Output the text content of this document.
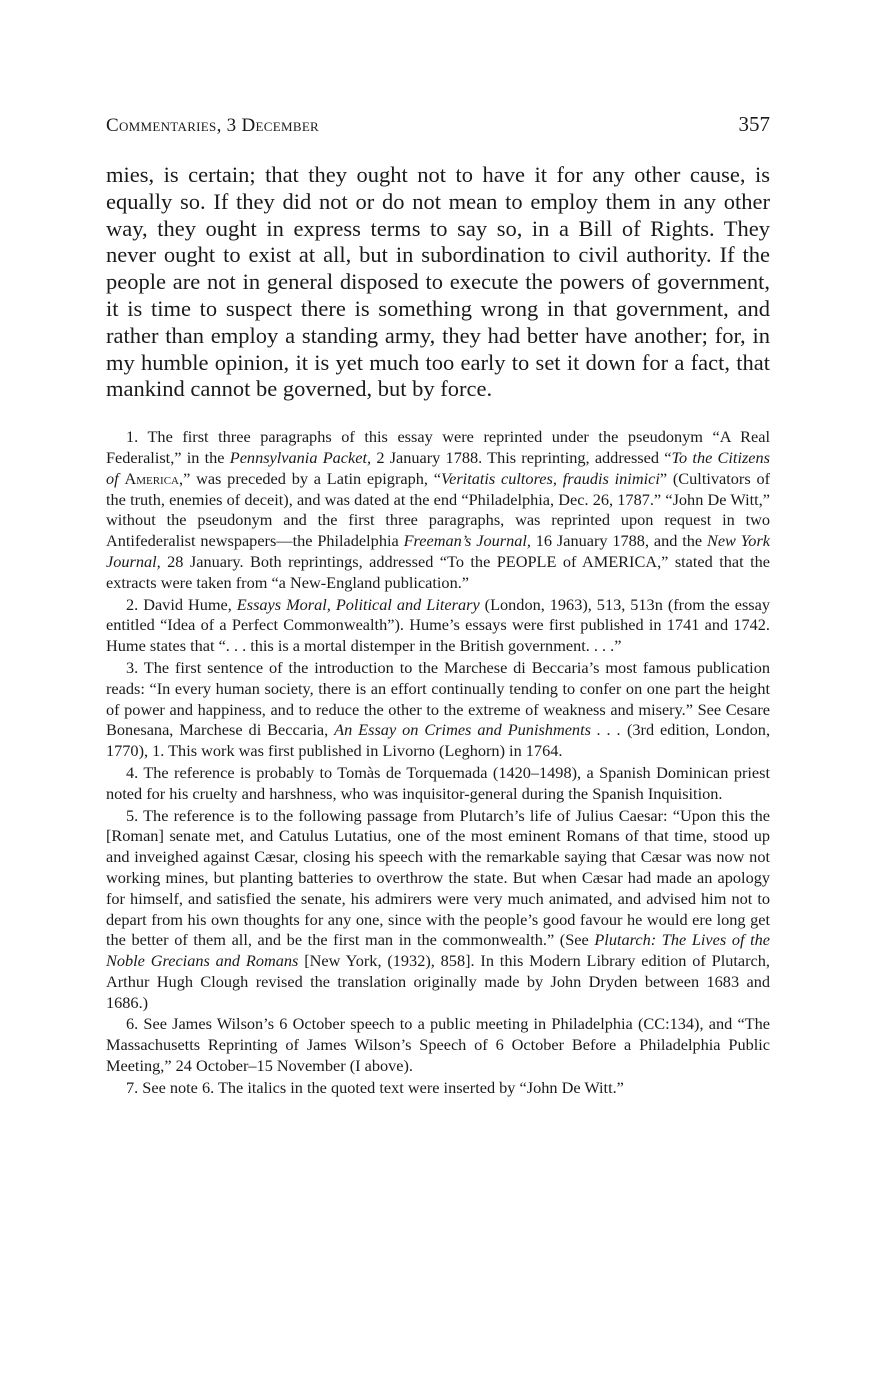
Commentaries, 3 December	357

mies, is certain; that they ought not to have it for any other cause, is equally so. If they did not or do not mean to employ them in any other way, they ought in express terms to say so, in a Bill of Rights. They never ought to exist at all, but in subordination to civil authority. If the people are not in general disposed to execute the powers of government, it is time to suspect there is something wrong in that government, and rather than employ a standing army, they had better have another; for, in my humble opinion, it is yet much too early to set it down for a fact, that mankind cannot be governed, but by force.

1. The first three paragraphs of this essay were reprinted under the pseudonym “A Real Federalist,” in the Pennsylvania Packet, 2 January 1788. This reprinting, addressed “To the Citizens of America,” was preceded by a Latin epigraph, “Veritatis cultores, fraudis inimici” (Cultivators of the truth, enemies of deceit), and was dated at the end “Philadelphia, Dec. 26, 1787.” “John De Witt,” without the pseudonym and the first three paragraphs, was reprinted upon request in two Antifederalist newspapers—the Philadelphia Freeman’s Journal, 16 January 1788, and the New York Journal, 28 January. Both reprintings, addressed “To the PEOPLE of AMERICA,” stated that the extracts were taken from “a New-England publication.”

2. David Hume, Essays Moral, Political and Literary (London, 1963), 513, 513n (from the essay entitled “Idea of a Perfect Commonwealth”). Hume’s essays were first published in 1741 and 1742. Hume states that “. . . this is a mortal distemper in the British government. . . .”

3. The first sentence of the introduction to the Marchese di Beccaria’s most famous publication reads: “In every human society, there is an effort continually tending to confer on one part the height of power and happiness, and to reduce the other to the extreme of weakness and misery.” See Cesare Bonesana, Marchese di Beccaria, An Essay on Crimes and Punishments . . . (3rd edition, London, 1770), 1. This work was first published in Livorno (Leghorn) in 1764.

4. The reference is probably to Tomàs de Torquemada (1420–1498), a Spanish Dominican priest noted for his cruelty and harshness, who was inquisitor-general during the Spanish Inquisition.

5. The reference is to the following passage from Plutarch’s life of Julius Caesar: “Upon this the [Roman] senate met, and Catulus Lutatius, one of the most eminent Romans of that time, stood up and inveighed against Cæsar, closing his speech with the remarkable saying that Cæsar was now not working mines, but planting batteries to overthrow the state. But when Cæsar had made an apology for himself, and satisfied the senate, his admirers were very much animated, and advised him not to depart from his own thoughts for any one, since with the people’s good favour he would ere long get the better of them all, and be the first man in the commonwealth.” (See Plutarch: The Lives of the Noble Grecians and Romans [New York, (1932), 858]. In this Modern Library edition of Plutarch, Arthur Hugh Clough revised the translation originally made by John Dryden between 1683 and 1686.)

6. See James Wilson’s 6 October speech to a public meeting in Philadelphia (CC:134), and “The Massachusetts Reprinting of James Wilson’s Speech of 6 October Before a Philadelphia Public Meeting,” 24 October–15 November (I above).

7. See note 6. The italics in the quoted text were inserted by “John De Witt.”
